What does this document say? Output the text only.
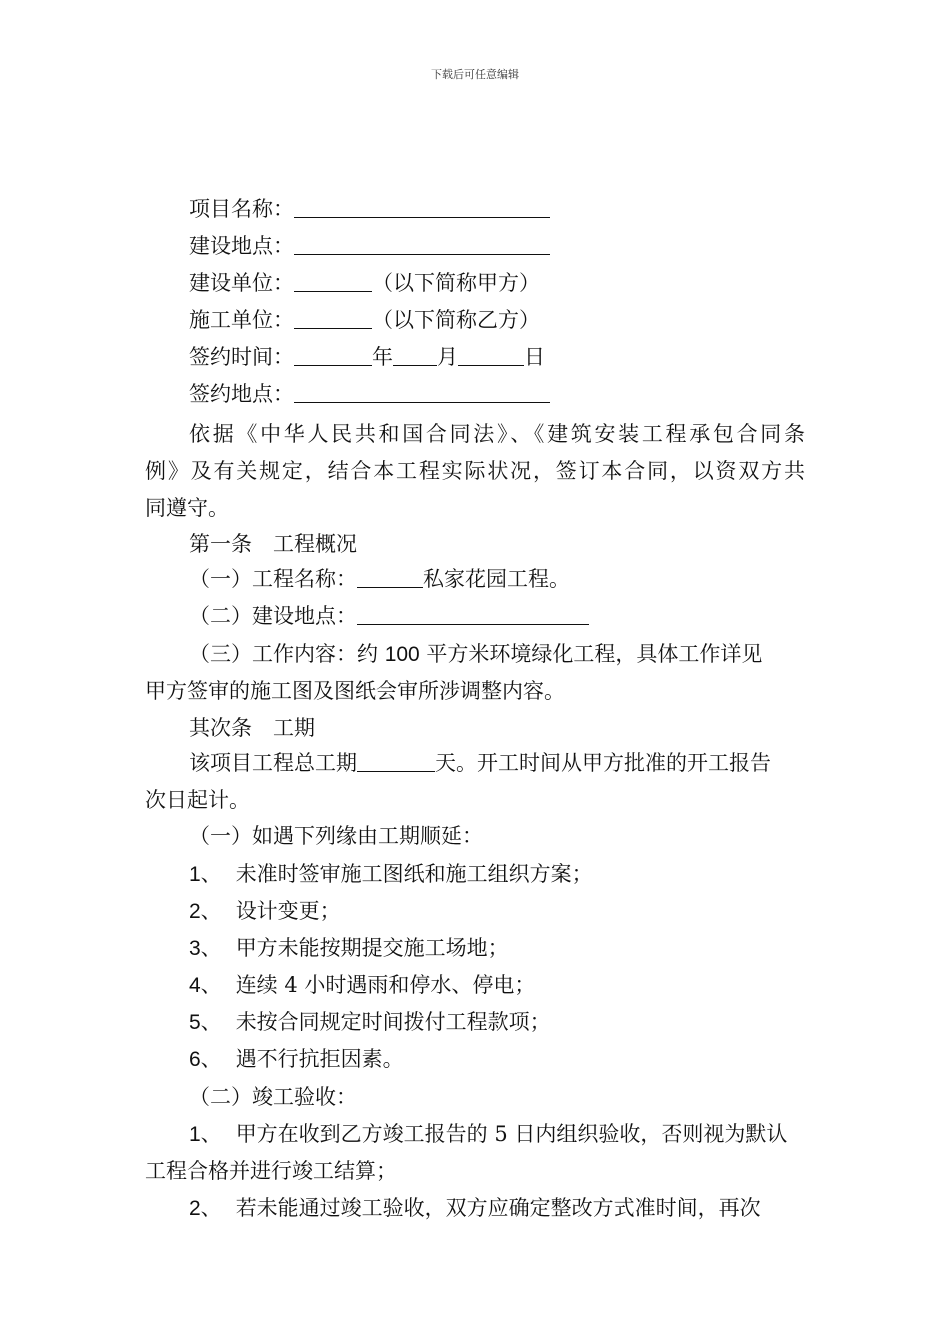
下载后可任意编辑
项目名称：
建设地点：
建设单位：	（以下简称甲方）
施工单位：	（以下简称乙方）
签约时间：	年 月	日
签约地点：
依据《中华人民共和国合同法》、《建筑安装工程承包合同条
例》及有关规定，结合本工程实际状况，签订本合同，以资双方共
同遵守。
第一条　工程概况
（一）工程名称：	私家花园工程。
（二）建设地点：
（三）工作内容：约 100 平方米环境绿化工程，具体工作详见
甲方签审的施工图及图纸会审所涉调整内容。
其次条　工期
该项目工程总工期	天。开工时间从甲方批准的开工报告
次日起计。
（一）如遇下列缘由工期顺延：
1、 未准时签审施工图纸和施工组织方案；
2、 设计变更；
3、 甲方未能按期提交施工场地；
4、 连续 4 小时遇雨和停水、停电；
5、 未按合同规定时间拨付工程款项；
6、 遇不行抗拒因素。
（二）竣工验收：
1、 甲方在收到乙方竣工报告的 5 日内组织验收，否则视为默认
工程合格并进行竣工结算；
2、 若未能通过竣工验收，双方应确定整改方式准时间，再次
